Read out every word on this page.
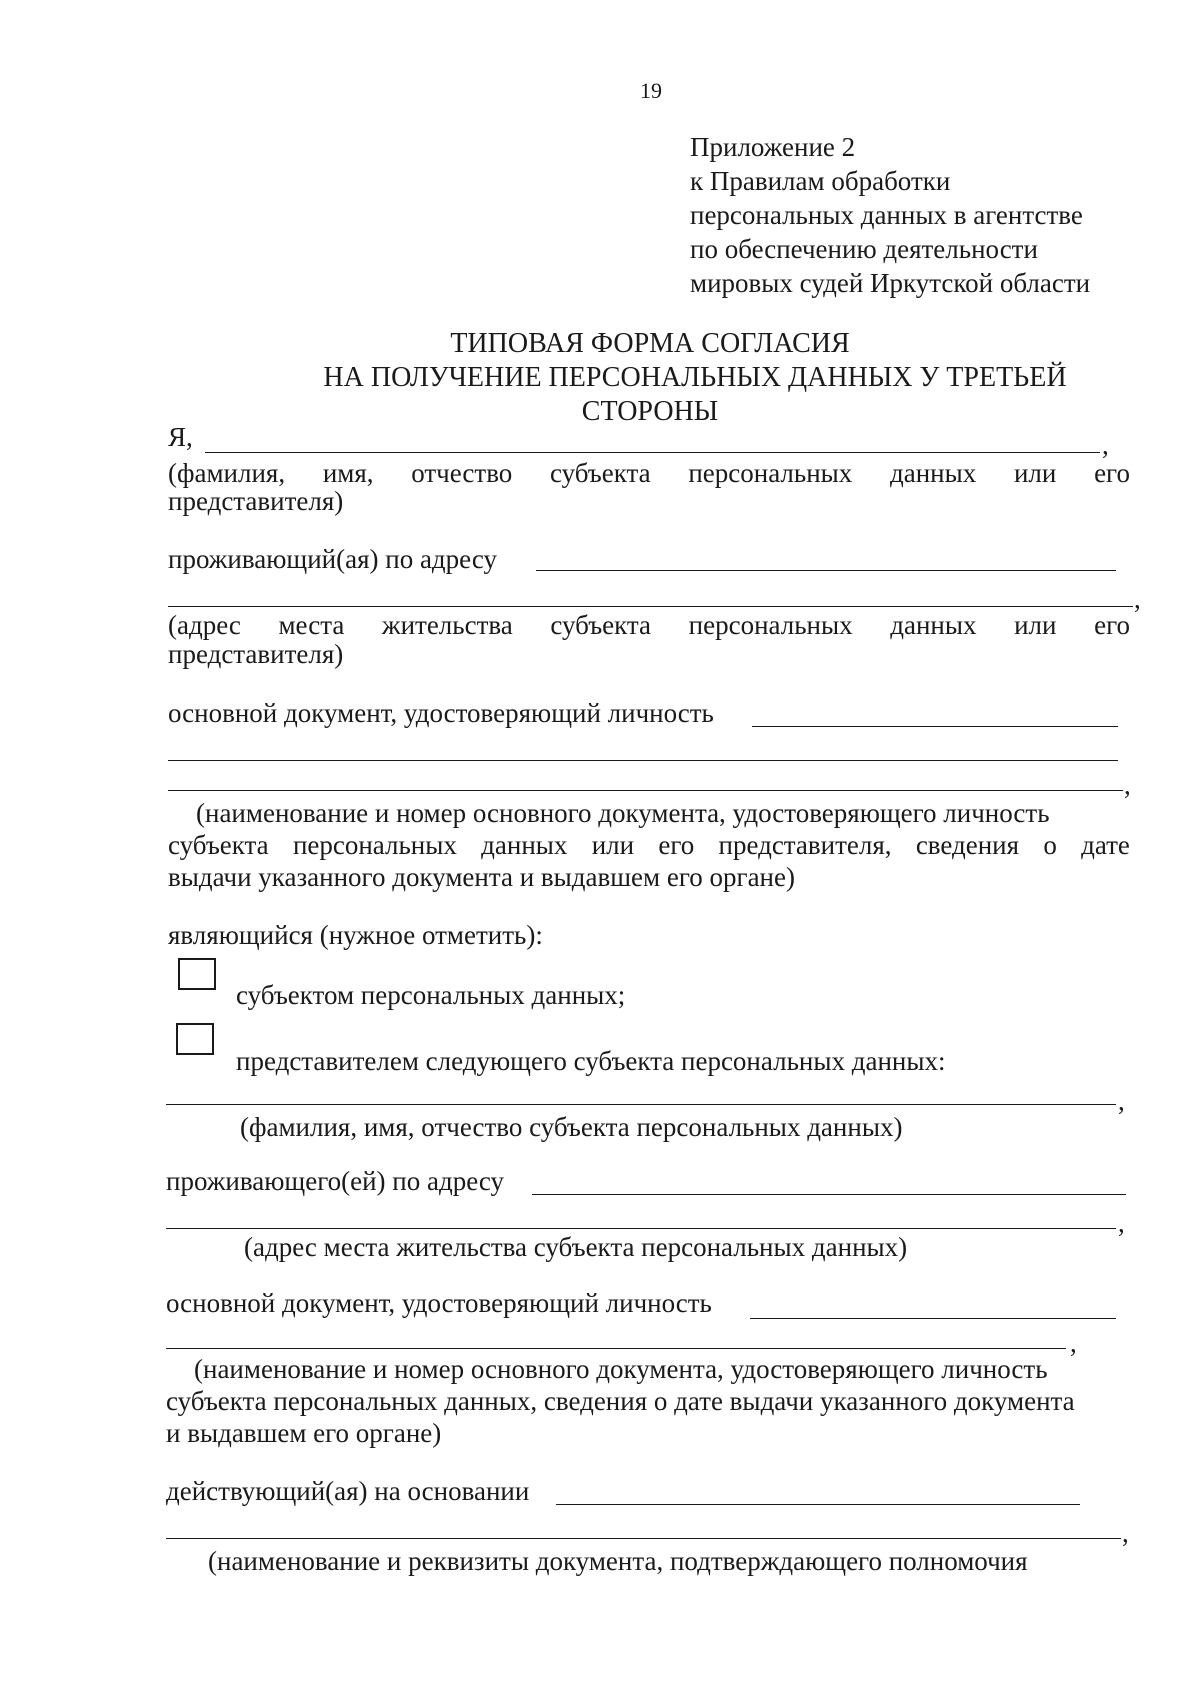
19
Приложение 2
к Правилам обработки
персональных данных в агентстве
по обеспечению деятельности
мировых судей Иркутской области
ТИПОВАЯ ФОРМА СОГЛАСИЯ
НА ПОЛУЧЕНИЕ ПЕРСОНАЛЬНЫХ ДАННЫХ У ТРЕТЬЕЙ
СТОРОНЫ
Я,	,
(фамилия, имя, отчество субъекта персональных данных или его
представителя)
проживающий(ая) по адресу
,
(адрес места жительства субъекта персональных данных или его
представителя)
основной документ, удостоверяющий личность
,
(наименование и номер основного документа, удостоверяющего личность
субъекта персональных данных или его представителя, сведения о дате
выдачи указанного документа и выдавшем его органе)
являющийся (нужное отметить):
субъектом персональных данных;
представителем следующего субъекта персональных данных:
,
(фамилия, имя, отчество субъекта персональных данных)
проживающего(ей) по адресу
,
(адрес места жительства субъекта персональных данных)
основной документ, удостоверяющий личность
,
(наименование и номер основного документа, удостоверяющего личность
субъекта персональных данных, сведения о дате выдачи указанного документа
и выдавшем его органе)
действующий(ая) на основании
,
(наименование и реквизиты документа, подтверждающего полномочия
